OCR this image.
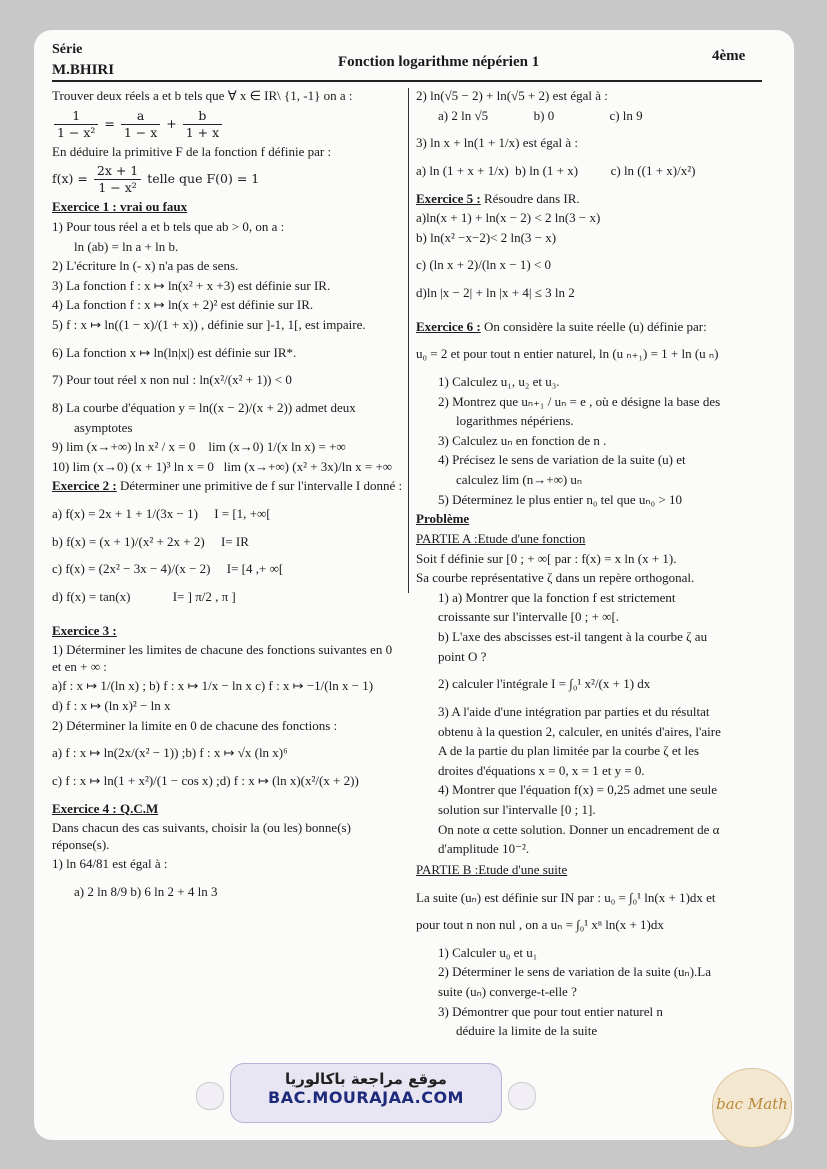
Série
M.BHIRI	Fonction logarithme népérien 1	4ème

Trouver deux réels a et b tels que ∀ x ∈ IR\ {1, -1} on a :

$\frac{1}{\text{1 − x²}} = \frac{a}{1 - x} + \frac{b}{1 + x}$

En déduire la primitive F de la fonction f définie par :

$f(x) = \frac{2x + 1}{\text{1 − x²}}$ telle que F(0) = 1

Exercice 1 : vrai ou faux

1) Pour tous réel a et b tels que ab > 0, on a :

ln (ab) = ln a + ln b.

2) L'écriture ln (- x) n'a pas de sens.

3) La fonction f : x ↦ ln(x² + x +3) est définie sur IR.

4) La fonction f : x ↦ ln(x + 2)² est définie sur IR.

5) f : x ↦ ln((1 − x)/(1 + x)) , définie sur ]-1, 1[, est impaire.

6) La fonction x ↦ ln(ln|x|) est définie sur IR*.

7) Pour tout réel x non nul : ln(x²/(x² + 1)) < 0

8) La courbe d'équation y = ln((x − 2)/(x + 2)) admet deux

asymptotes

9) lim (x→+∞) ln x² / x = 0 lim (x→0) 1/(x ln x) = +∞

10) lim (x→0) (x + 1)³ ln x = 0 lim (x→+∞) (x² + 3x)/ln x = +∞

Exercice 2 : Déterminer une primitive de f sur l'intervalle I donné :

a) f(x) = 2x + 1 + 1/(3x − 1) I = [1, +∞[

b) f(x) = (x + 1)/(x² + 2x + 2) I= IR

c) f(x) = (2x² − 3x − 4)/(x − 2) I= [4 ,+ ∞[

d) f(x) = tan(x)	I= ] π/2 , π ]

Exercice 3 :

1) Déterminer les limites de chacune des fonctions suivantes en 0 et en + ∞ :

a)f : x ↦ 1/(ln x) ; b) f : x ↦ 1/x − ln x c) f : x ↦ −1/(ln x − 1)

d) f : x ↦ (ln x)² − ln x

2) Déterminer la limite en 0 de chacune des fonctions :

a) f : x ↦ ln(2x/(x² − 1)) ;b) f : x ↦ √x (ln x)⁶

c) f : x ↦ ln(1 + x²)/(1 − cos x) ;d) f : x ↦ (ln x)(x²/(x + 2))

Exercice 4 : Q.C.M

Dans chacun des cas suivants, choisir la (ou les) bonne(s) réponse(s).

1) ln 64/81 est égal à :

a) 2 ln 8/9 b) 6 ln 2 + 4 ln 3

2) ln(√5 − 2) + ln(√5 + 2) est égal à :

a) 2 ln √5	b) 0	c) ln 9

3) ln x + ln(1 + 1/x) est égal à :

a) ln (1 + x + 1/x) b) ln (1 + x)	c) ln ((1 + x)/x²)

Exercice 5 : Résoudre dans IR.

a)ln(x + 1) + ln(x − 2) < 2 ln(3 − x)

b) ln(x² −x−2)< 2 ln(3 − x)

c) (ln x + 2)/(ln x − 1) < 0

d)ln |x − 2| + ln |x + 4| ≤ 3 ln 2

Exercice 6 : On considère la suite réelle (u) définie par:

u₀ = 2 et pour tout n entier naturel, ln (u ₙ₊₁) = 1 + ln (u ₙ)

1) Calculez u₁, u₂ et u₃.

2) Montrez que uₙ₊₁ / uₙ = e , où e désigne la base des

logarithmes népériens.

3) Calculez uₙ en fonction de n .

4) Précisez le sens de variation de la suite (u) et

calculez lim (n→+∞) uₙ

5) Déterminez le plus entier n₀ tel que uₙ₀ > 10

Problème

PARTIE A :Etude d'une fonction

Soit f définie sur [0 ; + ∞[ par : f(x) = x ln (x + 1).

Sa courbe représentative ζ dans un repère orthogonal.

1) a) Montrer que la fonction f est strictement

croissante sur l'intervalle [0 ; + ∞[.

b) L'axe des abscisses est-il tangent à la courbe ζ au

point O ?

2) calculer l'intégrale I = ∫₀¹ x²/(x + 1) dx

3) A l'aide d'une intégration par parties et du résultat

obtenu à la question 2, calculer, en unités d'aires, l'aire

A de la partie du plan limitée par la courbe ζ et les

droites d'équations x = 0, x = 1 et y = 0.

4) Montrer que l'équation f(x) = 0,25 admet une seule

solution sur l'intervalle [0 ; 1].

On note α cette solution. Donner un encadrement de α

d'amplitude 10⁻².

PARTIE B :Etude d'une suite

La suite (uₙ) est définie sur IN par : u₀ = ∫₀¹ ln(x + 1)dx et

pour tout n non nul , on a uₙ = ∫₀¹ xⁿ ln(x + 1)dx

1) Calculer u₀ et u₁

2) Déterminer le sens de variation de la suite (uₙ).La

suite (uₙ) converge-t-elle ?

3) Démontrer que pour tout entier naturel n

déduire la limite de la suite

موقع مراجعة باكالوريا
BAC.MOURAJAA.COM	bac Math
